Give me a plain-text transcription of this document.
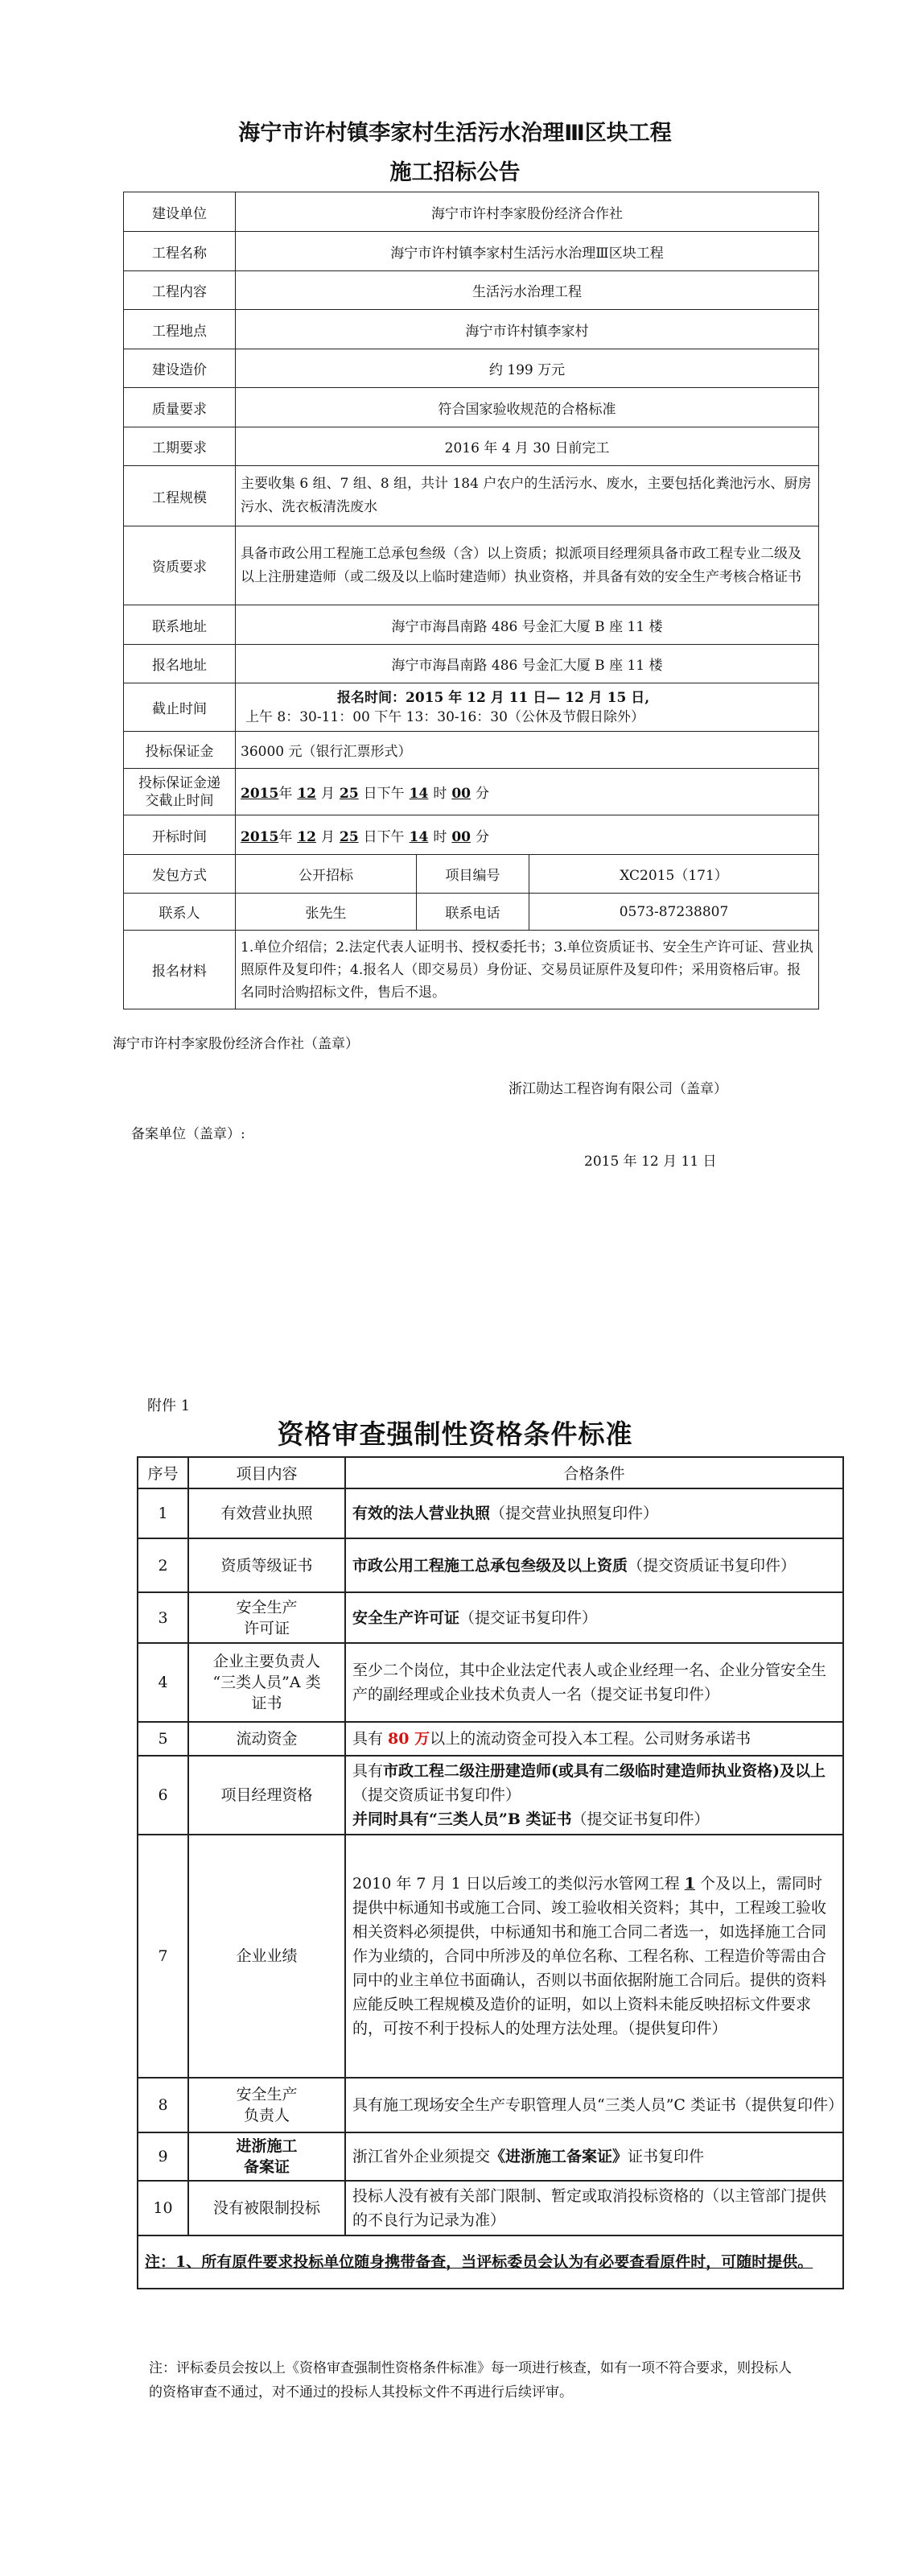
海宁市许村镇李家村生活污水治理Ⅲ区块工程
施工招标公告
建设单位	海宁市许村李家股份经济合作社		
工程名称	海宁市许村镇李家村生活污水治理Ⅲ区块工程		
工程内容	生活污水治理工程		
工程地点	海宁市许村镇李家村		
建设造价	约 199 万元		
质量要求	符合国家验收规范的合格标准		
工期要求	2016 年 4 月 30 日前完工		
工程规模	主要收集 6 组、7 组、8 组，共计 184 户农户的生活污水、废水，主要包括化粪池污水、厨房污水、洗衣板清洗废水		
资质要求	具备市政公用工程施工总承包叁级（含）以上资质；拟派项目经理须具备市政工程专业二级及以上注册建造师（或二级及以上临时建造师）执业资格，并具备有效的安全生产考核合格证书		
联系地址	海宁市海昌南路 486 号金汇大厦 B 座 11 楼		
报名地址	海宁市海昌南路 486 号金汇大厦 B 座 11 楼		
截止时间	报名时间：2015 年 12 月 11 日— 12 月 15 日,
上午 8：30-11：00 下午 13：30-16：30（公休及节假日除外）		

投标保证金	36000 元（银行汇票形式）		

投标保证金递
交截止时间	2015年 12 月 25 日下午 14 时 00 分		
开标时间	2015年 12 月 25 日下午 14 时 00 分		
发包方式	公开招标	项目编号	XC2015（171）
联系人	张先生	联系电话	0573-87238807
报名材料	1.单位介绍信；2.法定代表人证明书、授权委托书；3.单位资质证书、安全生产许可证、营业执照原件及复印件；4.报名人（即交易员）身份证、交易员证原件及复印件；采用资格后审。报名同时洽购招标文件，售后不退。		
海宁市许村李家股份经济合作社（盖章）
浙江勋达工程咨询有限公司（盖章）
备案单位（盖章）:
2015 年 12 月 11 日
附件 1
资格审查强制性资格条件标准
序号	项目内容	合格条件
1	有效营业执照	有效的法人营业执照（提交营业执照复印件）
2	资质等级证书	市政公用工程施工总承包叁级及以上资质（提交资质证书复印件）
3	安全生产
许可证	安全生产许可证（提交证书复印件）
4	企业主要负责人
“三类人员”A 类
证书	至少二个岗位，其中企业法定代表人或企业经理一名、企业分管安全生产的副经理或企业技术负责人一名（提交证书复印件）
5	流动资金	具有 80 万以上的流动资金可投入本工程。公司财务承诺书
6	项目经理资格	具有市政工程二级注册建造师(或具有二级临时建造师执业资格)及以上（提交资质证书复印件）
并同时具有“三类人员”B 类证书（提交证书复印件）
7	企业业绩	2010 年 7 月 1 日以后竣工的类似污水管网工程 1 个及以上，需同时提供中标通知书或施工合同、竣工验收相关资料；其中，工程竣工验收相关资料必须提供，中标通知书和施工合同二者选一，如选择施工合同作为业绩的，合同中所涉及的单位名称、工程名称、工程造价等需由合同中的业主单位书面确认，否则以书面依据附施工合同后。提供的资料应能反映工程规模及造价的证明，如以上资料未能反映招标文件要求的，可按不利于投标人的处理方法处理。（提供复印件）
8	安全生产
负责人	具有施工现场安全生产专职管理人员“三类人员”C 类证书（提供复印件）
9	进浙施工
备案证	浙江省外企业须提交《进浙施工备案证》证书复印件
10	没有被限制投标	投标人没有被有关部门限制、暂定或取消投标资格的（以主管部门提供的不良行为记录为准）
注：1、所有原件要求投标单位随身携带备查，当评标委员会认为有必要查看原件时，可随时提供。		
注：评标委员会按以上《资格审查强制性资格条件标准》每一项进行核查，如有一项不符合要求，则投标人的资格审查不通过，对不通过的投标人其投标文件不再进行后续评审。
